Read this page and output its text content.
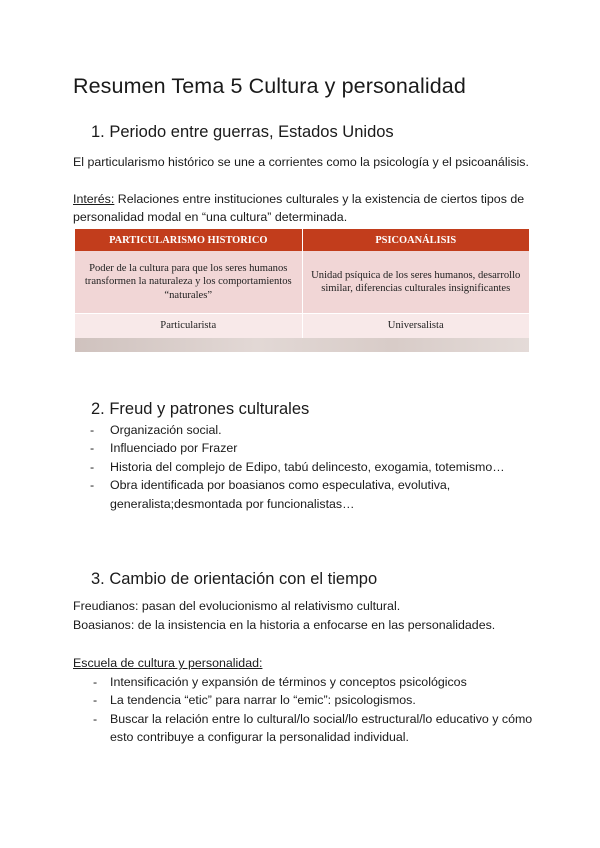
Resumen Tema 5 Cultura y personalidad
1. Periodo entre guerras, Estados Unidos

El particularismo histórico se une a corrientes como la psicología y el psicoanálisis.

Interés: Relaciones entre instituciones culturales y la existencia de ciertos tipos de personalidad modal en “una cultura” determinada.

PARTICULARISMO HISTORICO	PSICOANÁLISIS
Poder de la cultura para que los seres humanos transformen la naturaleza y los comportamientos “naturales”	Unidad psíquica de los seres humanos, desarrollo similar, diferencias culturales insignificantes
Particularista	Universalista
2. Freud y patrones culturales
- Organización social.
- Influenciado por Frazer
- Historia del complejo de Edipo, tabú delincesto, exogamia, totemismo…
- Obra identificada por boasianos como especulativa, evolutiva, generalista;desmontada por funcionalistas…
3. Cambio de orientación con el tiempo

Freudianos: pasan del evolucionismo al relativismo cultural.

Boasianos: de la insistencia en la historia a enfocarse en las personalidades.

Escuela de cultura y personalidad:

- Intensificación y expansión de términos y conceptos psicológicos
- La tendencia “etic” para narrar lo “emic”: psicologismos.
- Buscar la relación entre lo cultural/lo social/lo estructural/lo educativo y cómo esto contribuye a configurar la personalidad individual.
